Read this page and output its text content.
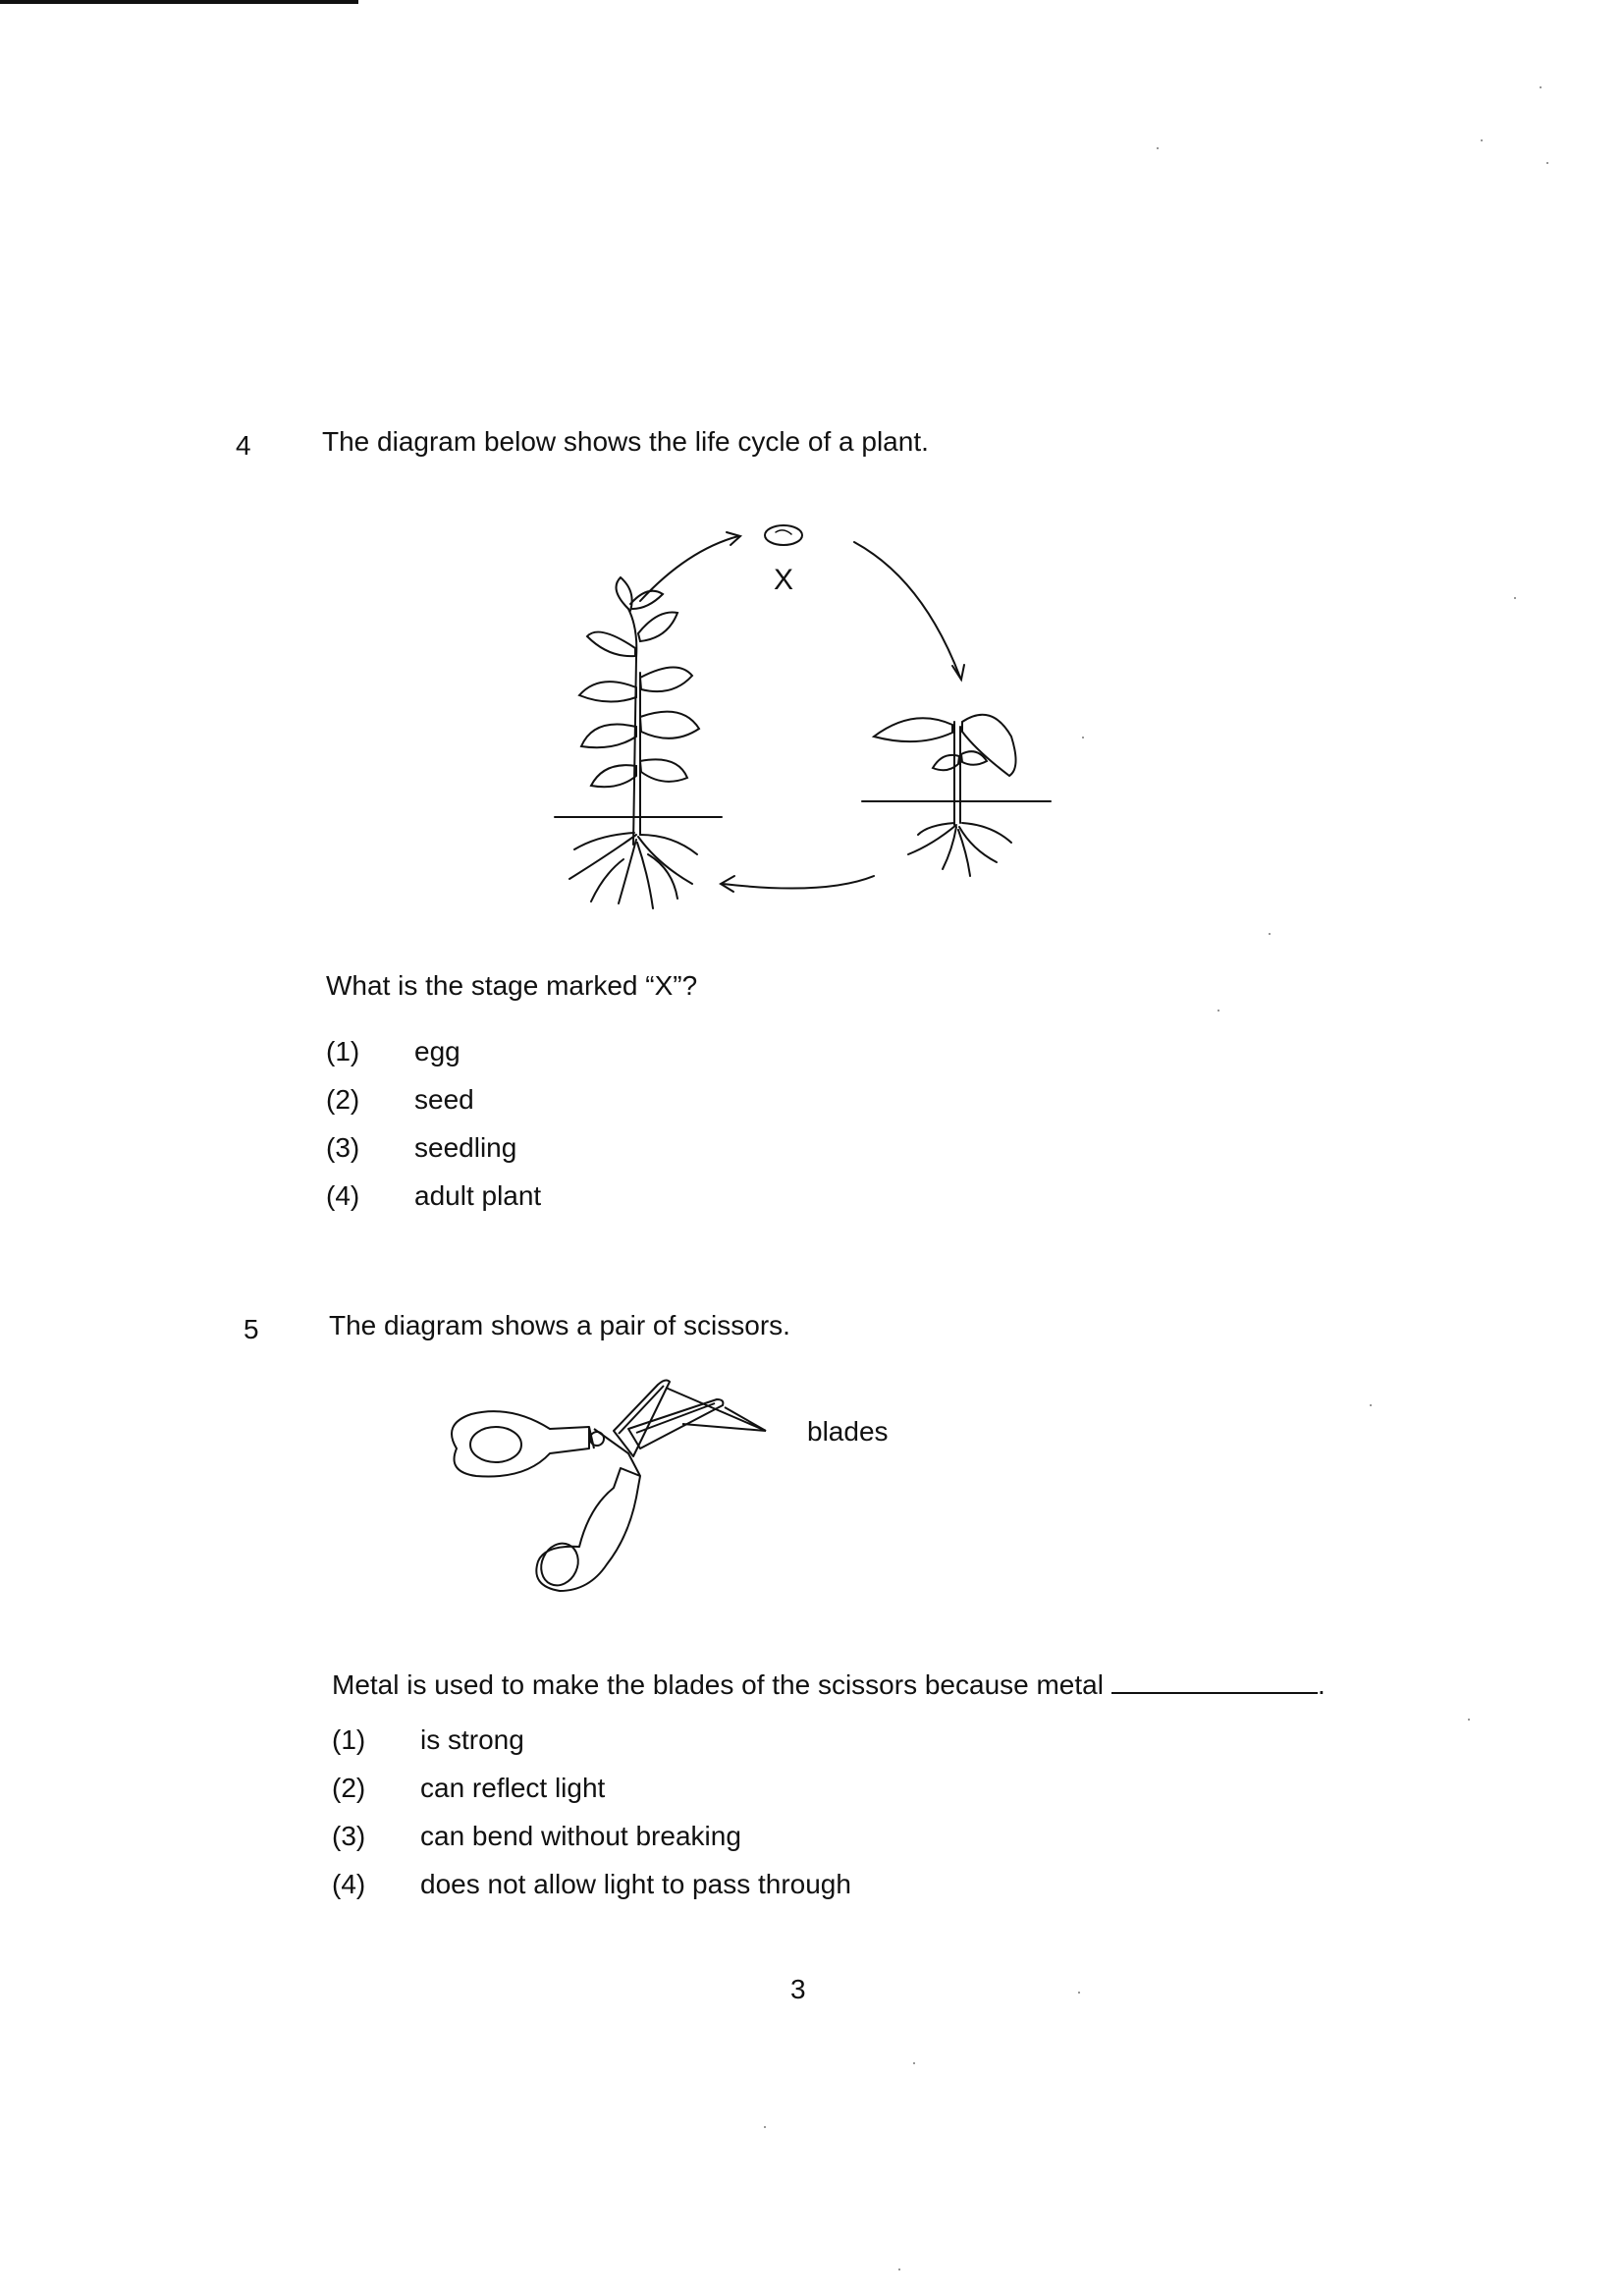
4	The diagram below shows the life cycle of a plant.
X
What is the stage marked “X”?
(1) egg
(2) seed
(3) seedling
(4) adult plant
5	The diagram shows a pair of scissors.
blades
Metal is used to make the blades of the scissors because metal	.
(1) is strong
(2) can reflect light
(3) can bend without breaking
(4) does not allow light to pass through
3
